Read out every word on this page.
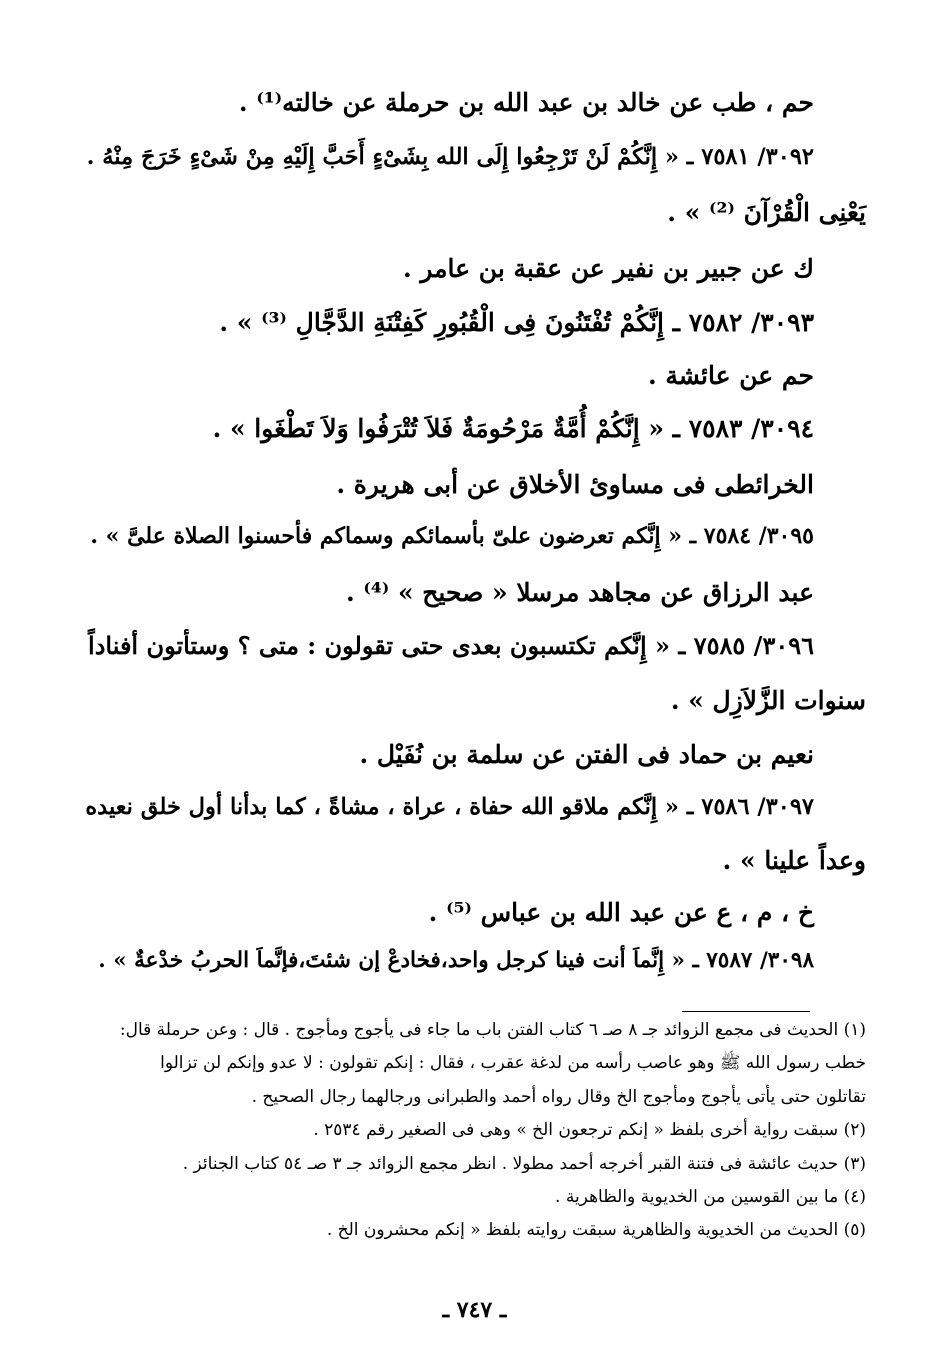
حم ، طب عن خالد بن عبد الله بن حرملة عن خالته⁽¹⁾ .
٣٠٩٢/ ٧٥٨١ ـ « إِنَّكُمْ لَنْ تَرْجِعُوا إِلَى الله بِشَىْءٍ أَحَبَّ إِلَيْهِ مِنْ شَىْءٍ خَرَجَ مِنْهُ .
يَعْنِى الْقُرْآنَ ⁽²⁾ » .
ك عن جبير بن نفير عن عقبة بن عامر .
٣٠٩٣/ ٧٥٨٢ ـ إِنَّكُمْ تُفْتَنُونَ فِى الْقُبُورِ كَفِتْنَةِ الدَّجَّالِ ⁽³⁾ » .
حم عن عائشة .
٣٠٩٤/ ٧٥٨٣ ـ « إِنَّكُمْ أُمَّةٌ مَرْحُومَةٌ فَلاَ تُتْرَفُوا وَلاَ تَطْغَوا » .
الخرائطى فى مساوئ الأخلاق عن أبى هريرة .
٣٠٩٥/ ٧٥٨٤ ـ « إِنَّكم تعرضون علىّ بأسمائكم وسماكم فأحسنوا الصلاة علىَّ » .
عبد الرزاق عن مجاهد مرسلا « صحيح » ⁽⁴⁾ .
٣٠٩٦/ ٧٥٨٥ ـ « إِنَّكم تكتسبون بعدى حتى تقولون : متى ؟ وستأتون أفناداً
سنوات الزَّلاَزِل » .
نعيم بن حماد فى الفتن عن سلمة بن نُفَيْل .
٣٠٩٧/ ٧٥٨٦ ـ « إِنَّكم ملاقو الله حفاة ، عراة ، مشاةً ، كما بدأنا أول خلق نعيده
وعداً علينا » .
خ ، م ، ع عن عبد الله بن عباس ⁽⁵⁾ .
٣٠٩٨/ ٧٥٨٧ ـ « إِنَّماَ أنت فينا كرجل واحد،فخادعْ إن شئتَ،فإنَّماَ الحربُ خدْعةٌ » .
(١) الحديث فى مجمع الزوائد جـ ٨ صـ ٦ كتاب الفتن باب ما جاء فى يأجوج ومأجوج . قال : وعن حرملة قال:
خطب رسول الله ﷺ وهو عاصب رأسه من لدغة عقرب ، فقال : إنكم تقولون : لا عدو وإنكم لن تزالوا
تقاتلون حتى يأتى يأجوج ومأجوج الخ وقال رواه أحمد والطبرانى ورجالهما رجال الصحيح .
(٢) سبقت رواية أخرى بلفظ « إنكم ترجعون الخ » وهى فى الصغير رقم ٢٥٣٤ .
(٣) حديث عائشة فى فتنة القبر أخرجه أحمد مطولا . انظر مجمع الزوائد جـ ٣ صـ ٥٤ كتاب الجنائز .
(٤) ما بين القوسين من الخديوية والظاهرية .
(٥) الحديث من الخديوية والظاهرية سبقت روايته بلفظ « إنكم محشرون الخ .
ـ ٧٤٧ ـ
